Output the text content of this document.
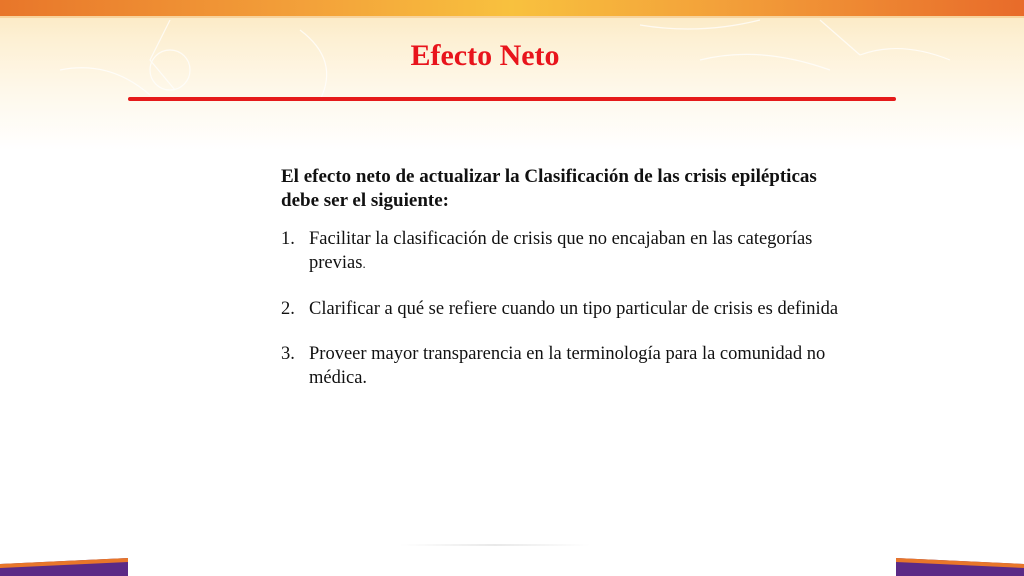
Efecto Neto

El efecto neto de actualizar la Clasificación de las crisis epilépticas debe ser el siguiente:

1. Facilitar la clasificación de crisis que no encajaban en las categorías previas.
2. Clarificar a qué se refiere cuando un tipo particular de crisis es definida
3. Proveer mayor transparencia en la terminología para la comunidad no médica.
